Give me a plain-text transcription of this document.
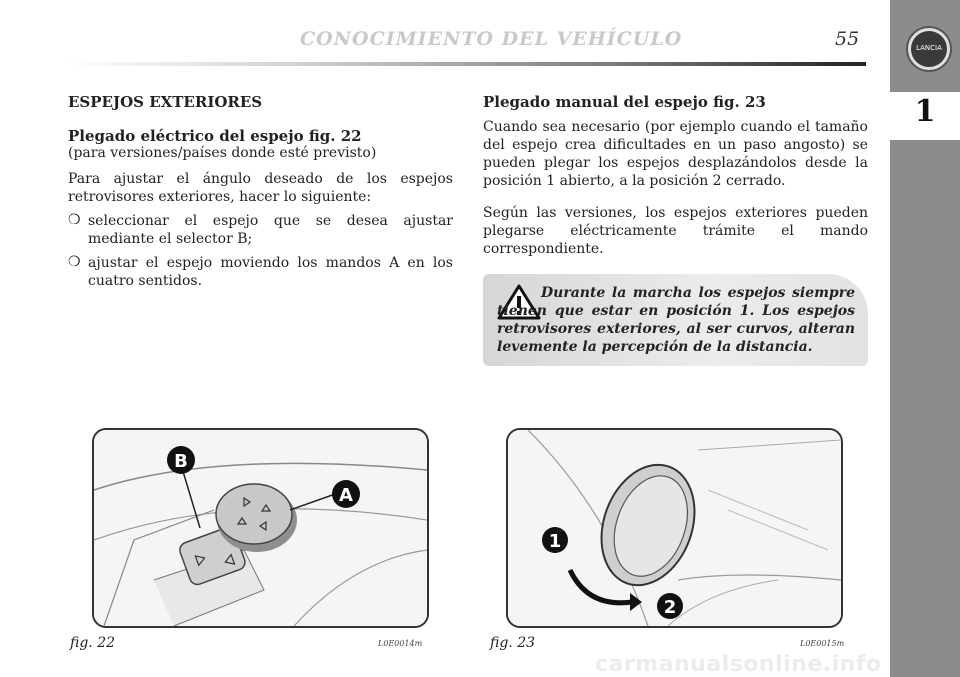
CONOCIMIENTO DEL VEHÍCULO	55	LANCIA
1
ESPEJOS EXTERIORES
Plegado eléctrico del espejo fig. 22

(para versiones/países donde esté previsto)

Para ajustar el ángulo deseado de los espejos retrovisores exteriores, hacer lo siguiente:

❍ seleccionar el espejo que se desea ajustar mediante el selector B;
❍ ajustar el espejo moviendo los mandos A en los cuatro sentidos.
Plegado manual del espejo fig. 23

Cuando sea necesario (por ejemplo cuando el tamaño del espejo crea dificultades en un paso angosto) se pueden plegar los espejos desplazándolos desde la posición 1 abierto, a la posición 2 cerrado.

Según las versiones, los espejos exteriores pueden plegarse eléctricamente trámite el mando correspondiente.

Durante la marcha los espejos siempre tienen que estar en posición 1. Los espejos retrovisores exteriores, al ser curvos, alteran levemente la percepción de la distancia.

B
A
fig. 22	L0E0014m
1
2
fig. 23	L0E0015m
carmanualsonline.info
